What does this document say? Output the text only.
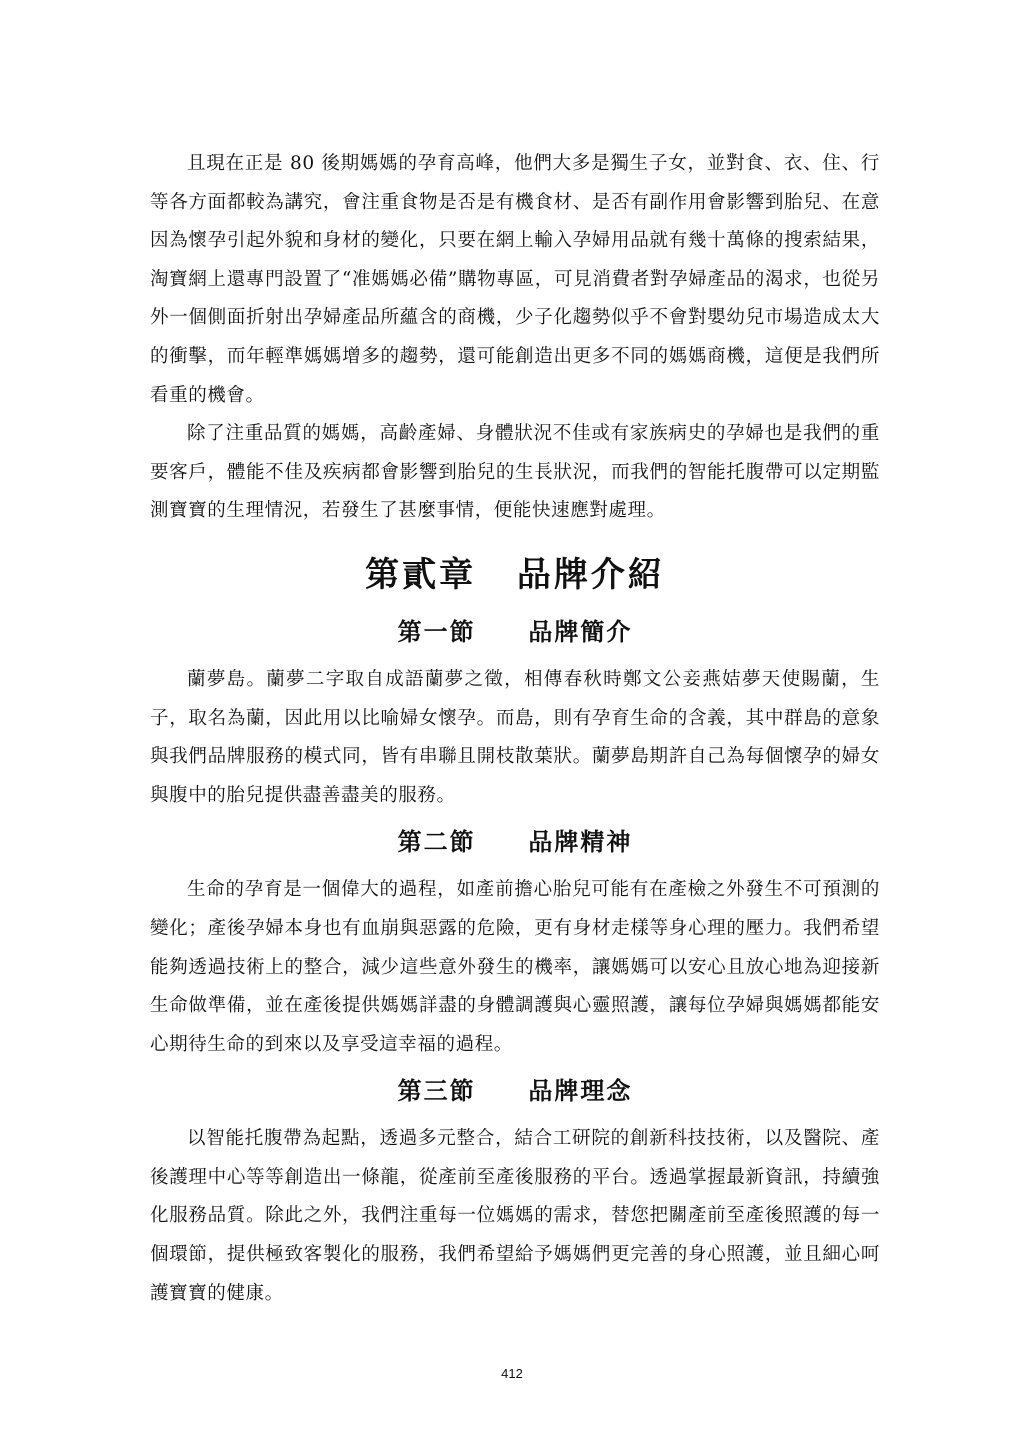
且現在正是 80 後期媽媽的孕育高峰，他們大多是獨生子女，並對食、衣、住、行等各方面都較為講究，會注重食物是否是有機食材、是否有副作用會影響到胎兒、在意因為懷孕引起外貌和身材的變化，只要在網上輸入孕婦用品就有幾十萬條的搜索結果，淘寶網上還專門設置了“准媽媽必備”購物專區，可見消費者對孕婦產品的渴求，也從另外一個側面折射出孕婦產品所蘊含的商機，少子化趨勢似乎不會對嬰幼兒市場造成太大的衝擊，而年輕準媽媽增多的趨勢，還可能創造出更多不同的媽媽商機，這便是我們所看重的機會。

除了注重品質的媽媽，高齡產婦、身體狀況不佳或有家族病史的孕婦也是我們的重要客戶，體能不佳及疾病都會影響到胎兒的生長狀況，而我們的智能托腹帶可以定期監測寶寶的生理情況，若發生了甚麼事情，便能快速應對處理。

第貳章 品牌介紹
第一節 品牌簡介

蘭夢島。蘭夢二字取自成語蘭夢之徵，相傳春秋時鄭文公妾燕姞夢天使賜蘭，生子，取名為蘭，因此用以比喻婦女懷孕。而島，則有孕育生命的含義，其中群島的意象與我們品牌服務的模式同，皆有串聯且開枝散葉狀。蘭夢島期許自己為每個懷孕的婦女與腹中的胎兒提供盡善盡美的服務。

第二節 品牌精神

生命的孕育是一個偉大的過程，如產前擔心胎兒可能有在產檢之外發生不可預測的變化；產後孕婦本身也有血崩與惡露的危險，更有身材走樣等身心理的壓力。我們希望能夠透過技術上的整合，減少這些意外發生的機率，讓媽媽可以安心且放心地為迎接新生命做準備，並在產後提供媽媽詳盡的身體調護與心靈照護，讓每位孕婦與媽媽都能安心期待生命的到來以及享受這幸福的過程。

第三節 品牌理念

以智能托腹帶為起點，透過多元整合，結合工研院的創新科技技術，以及醫院、產後護理中心等等創造出一條龍，從產前至產後服務的平台。透過掌握最新資訊，持續強化服務品質。除此之外，我們注重每一位媽媽的需求，替您把關產前至產後照護的每一個環節，提供極致客製化的服務，我們希望給予媽媽們更完善的身心照護，並且細心呵護寶寶的健康。

412
